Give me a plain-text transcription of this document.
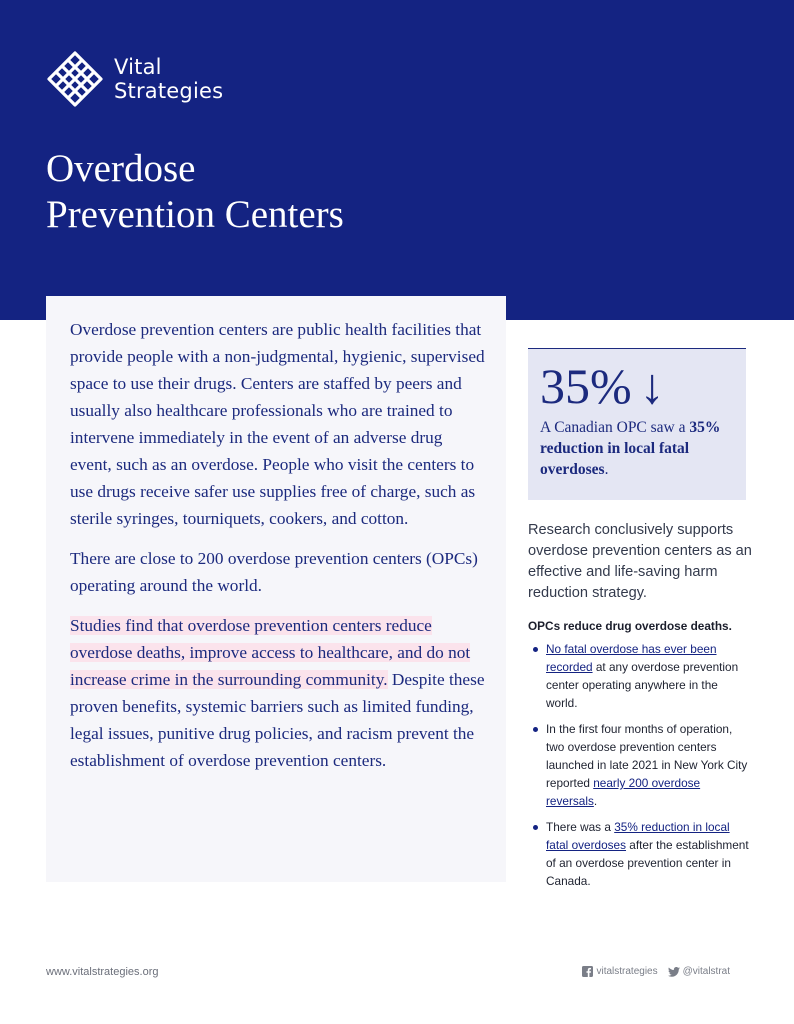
Vital
Strategies
Overdose
Prevention Centers

Overdose prevention centers are public health facilities that provide people with a non-judgmental, hygienic, supervised space to use their drugs. Centers are staffed by peers and usually also healthcare professionals who are trained to intervene immediately in the event of an adverse drug event, such as an overdose. People who visit the centers to use drugs receive safer use supplies free of charge, such as sterile syringes, tourniquets, cookers, and cotton.

There are close to 200 overdose prevention centers (OPCs) operating around the world.

Studies find that overdose prevention centers reduce overdose deaths, improve access to healthcare, and do not increase crime in the surrounding community. Despite these proven benefits, systemic barriers such as limited funding, legal issues, punitive drug policies, and racism prevent the establishment of overdose prevention centers.

35% ↓
A Canadian OPC saw a 35% reduction in local fatal overdoses.
Research conclusively supports overdose prevention centers as an effective and life-saving harm reduction strategy.
OPCs reduce drug overdose deaths.
No fatal overdose has ever been recorded at any overdose prevention center operating anywhere in the world.
In the first four months of operation, two overdose prevention centers launched in late 2021 in New York City reported nearly 200 overdose reversals.
There was a 35% reduction in local fatal overdoses after the establishment of an overdose prevention center in Canada.
www.vitalstrategies.org	vitalstrategies	@vitalstrat
